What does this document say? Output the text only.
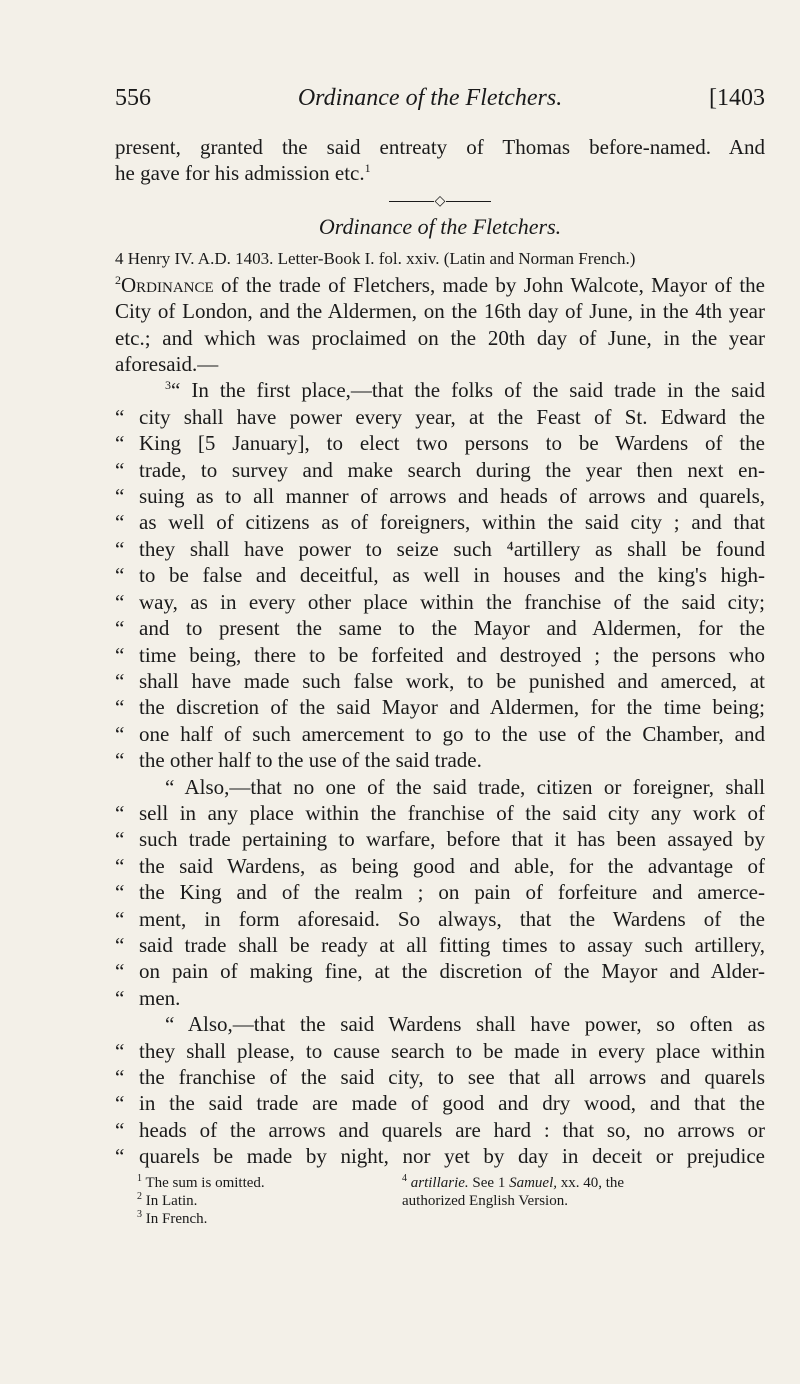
556	Ordinance of the Fletchers.	[1403
present, granted the said entreaty of Thomas before-named. And
he gave for his admission etc.$^1$
◇

Ordinance of the Fletchers.

4 Henry IV. A.D. 1403. Letter-Book I. fol. xxiv. (Latin and Norman French.)

$^2$Ordinance of the trade of Fletchers, made by John Walcote, Mayor of the City of London, and the Aldermen, on the 16th day of June, in the 4th year etc.; and which was proclaimed on the 20th day of June, in the year aforesaid.—

$^3$“ In the first place,—that the folks of the said trade in the said
“ city shall have power every year, at the Feast of St. Edward the
“ King [5 January], to elect two persons to be Wardens of the
“ trade, to survey and make search during the year then next en-
“ suing as to all manner of arrows and heads of arrows and quarels,
“ as well of citizens as of foreigners, within the said city ; and that
“ they shall have power to seize such ⁴artillery as shall be found
“ to be false and deceitful, as well in houses and the king's high-
“ way, as in every other place within the franchise of the said city;
“ and to present the same to the Mayor and Aldermen, for the
“ time being, there to be forfeited and destroyed ; the persons who
“ shall have made such false work, to be punished and amerced, at
“ the discretion of the said Mayor and Aldermen, for the time being;
“ one half of such amercement to go to the use of the Chamber, and
“ the other half to the use of the said trade.
“ Also,—that no one of the said trade, citizen or foreigner, shall
“ sell in any place within the franchise of the said city any work of
“ such trade pertaining to warfare, before that it has been assayed by
“ the said Wardens, as being good and able, for the advantage of
“ the King and of the realm ; on pain of forfeiture and amerce-
“ ment, in form aforesaid. So always, that the Wardens of the
“ said trade shall be ready at all fitting times to assay such artillery,
“ on pain of making fine, at the discretion of the Mayor and Alder-
“ men.
“ Also,—that the said Wardens shall have power, so often as
“ they shall please, to cause search to be made in every place within
“ the franchise of the said city, to see that all arrows and quarels
“ in the said trade are made of good and dry wood, and that the
“ heads of the arrows and quarels are hard : that so, no arrows or
“ quarels be made by night, nor yet by day in deceit or prejudice
$^1$ The sum is omitted.
$^2$ In Latin.
$^3$ In French.
$^4$ artillarie. See 1 Samuel, xx. 40, the
authorized English Version.
